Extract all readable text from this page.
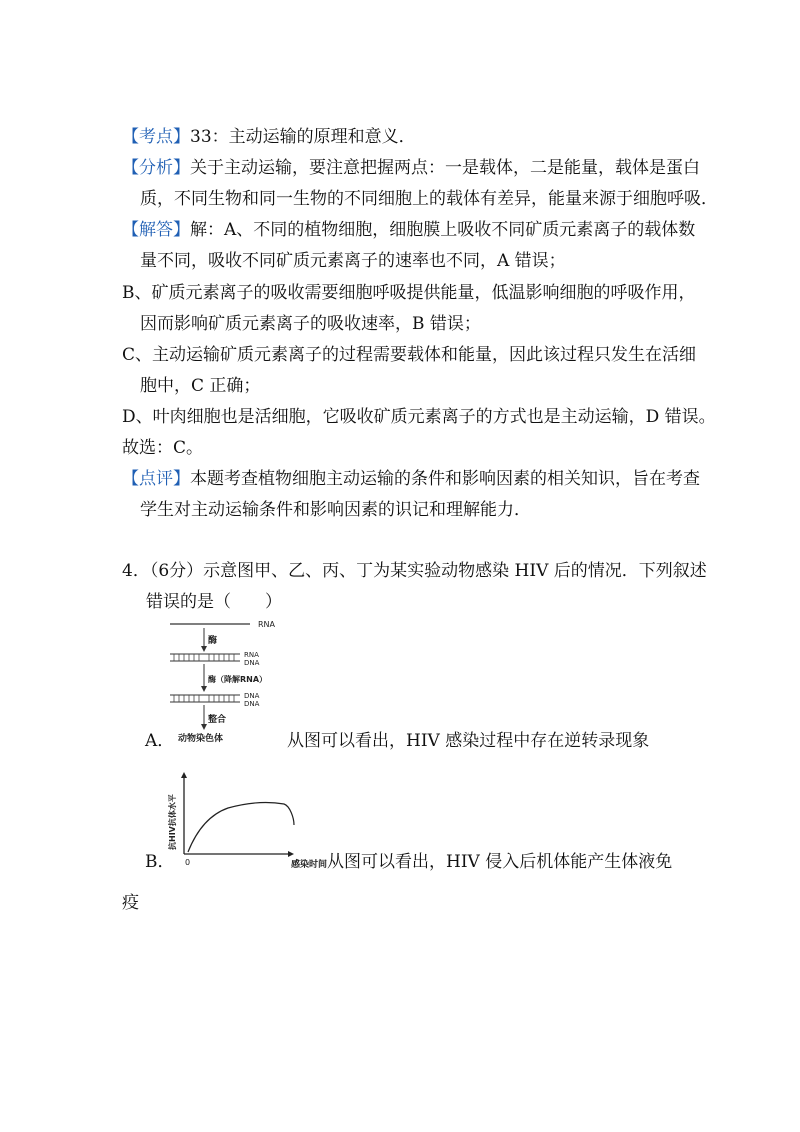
【考点】33：主动运输的原理和意义．
【分析】关于主动运输，要注意把握两点：一是载体，二是能量，载体是蛋白
质，不同生物和同一生物的不同细胞上的载体有差异，能量来源于细胞呼吸．
【解答】解：A、不同的植物细胞，细胞膜上吸收不同矿质元素离子的载体数
量不同，吸收不同矿质元素离子的速率也不同，A 错误；
B、矿质元素离子的吸收需要细胞呼吸提供能量，低温影响细胞的呼吸作用，
因而影响矿质元素离子的吸收速率，B 错误；
C、主动运输矿质元素离子的过程需要载体和能量，因此该过程只发生在活细
胞中，C 正确；
D、叶肉细胞也是活细胞，它吸收矿质元素离子的方式也是主动运输，D 错误。
故选：C。
【点评】本题考查植物细胞主动运输的条件和影响因素的相关知识，旨在考查
学生对主动运输条件和影响因素的识记和理解能力．
4．（6分）示意图甲、乙、丙、丁为某实验动物感染 HIV 后的情况．下列叙述
错误的是（　　）
RNA
酶
RNA
DNA
酶（降解RNA）
DNA
DNA
整合
动物染色体
A．	从图可以看出，HIV 感染过程中存在逆转录现象
抗HIV抗体水平
0
B．	感染时间从图可以看出，HIV 侵入后机体能产生体液免
疫
